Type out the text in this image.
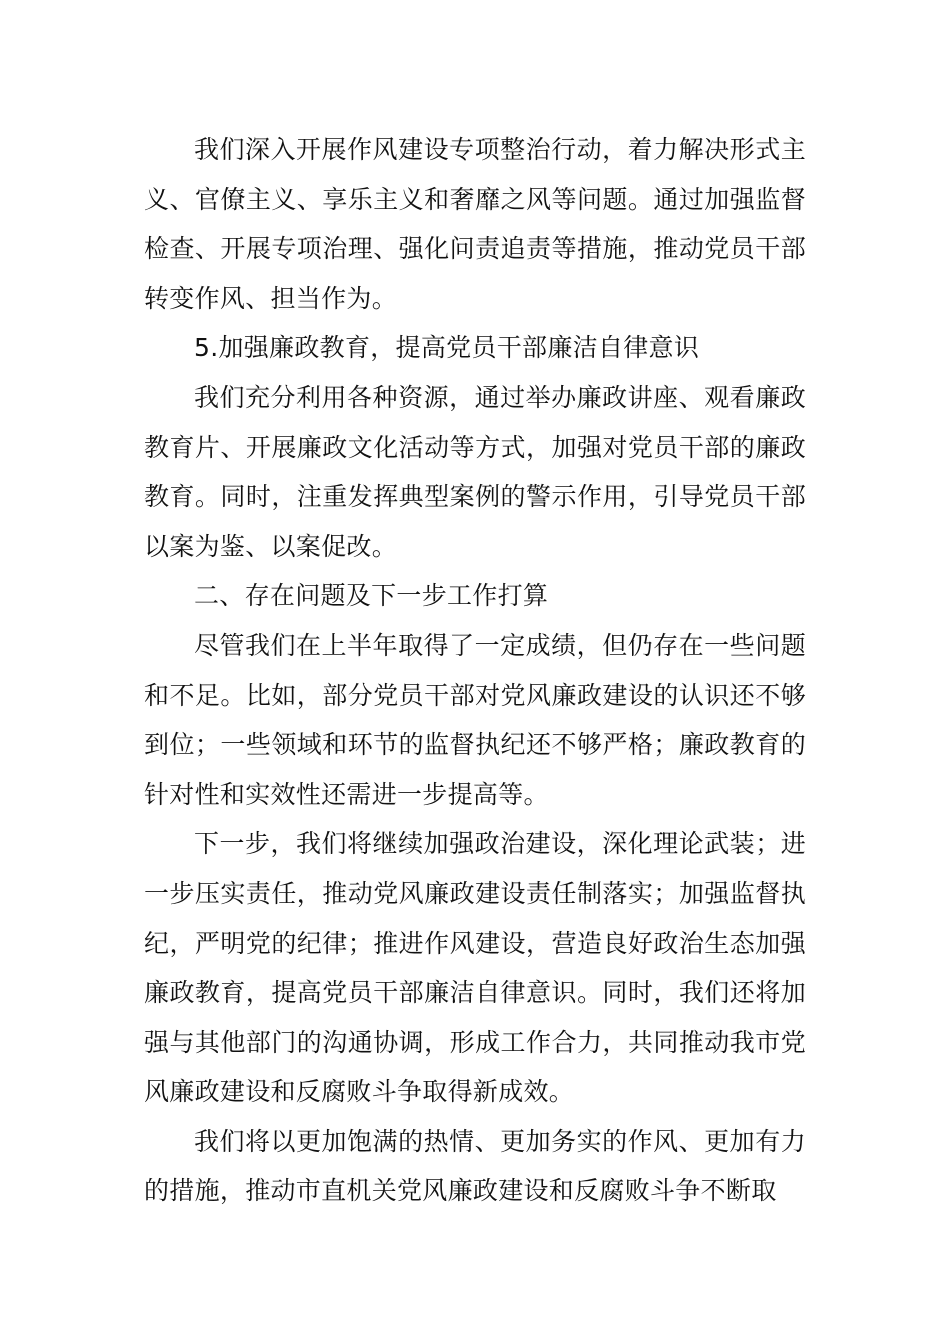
我们深入开展作风建设专项整治行动，着力解决形式主义、官僚主义、享乐主义和奢靡之风等问题。通过加强监督检查、开展专项治理、强化问责追责等措施，推动党员干部转变作风、担当作为。

5.加强廉政教育，提高党员干部廉洁自律意识

我们充分利用各种资源，通过举办廉政讲座、观看廉政教育片、开展廉政文化活动等方式，加强对党员干部的廉政教育。同时，注重发挥典型案例的警示作用，引导党员干部以案为鉴、以案促改。

二、存在问题及下一步工作打算

尽管我们在上半年取得了一定成绩，但仍存在一些问题和不足。比如，部分党员干部对党风廉政建设的认识还不够到位；一些领域和环节的监督执纪还不够严格；廉政教育的针对性和实效性还需进一步提高等。

下一步，我们将继续加强政治建设，深化理论武装；进一步压实责任，推动党风廉政建设责任制落实；加强监督执纪，严明党的纪律；推进作风建设，营造良好政治生态加强廉政教育，提高党员干部廉洁自律意识。同时，我们还将加强与其他部门的沟通协调，形成工作合力，共同推动我市党风廉政建设和反腐败斗争取得新成效。

我们将以更加饱满的热情、更加务实的作风、更加有力的措施，推动市直机关党风廉政建设和反腐败斗争不断取
